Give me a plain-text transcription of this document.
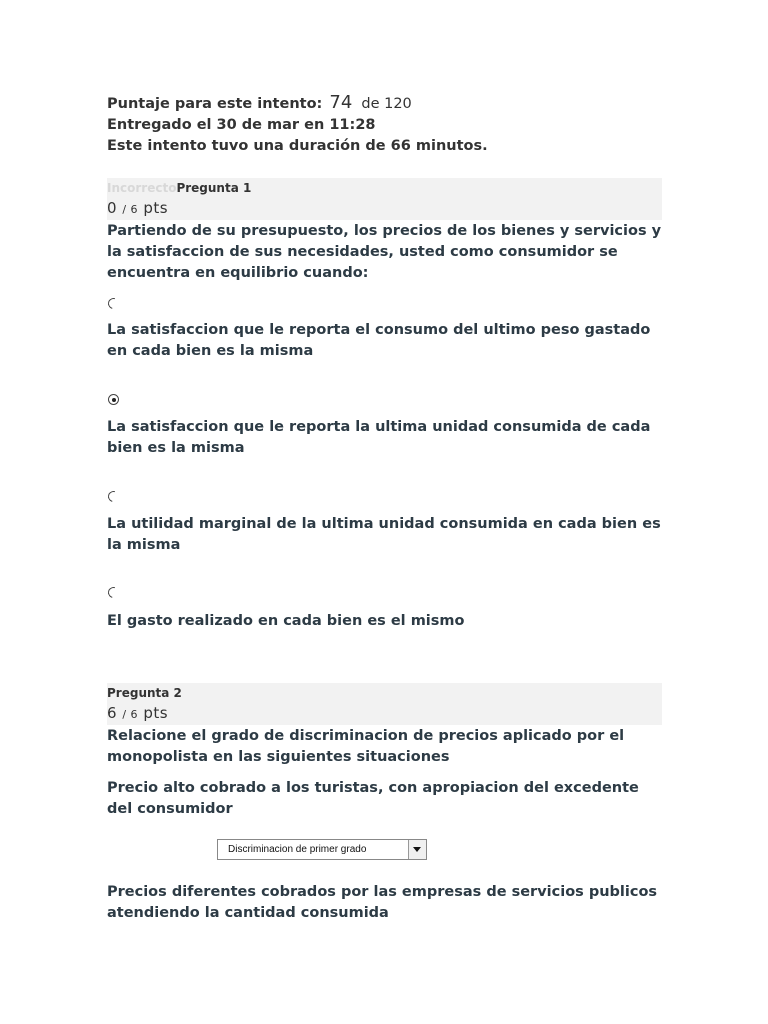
Puntaje para este intento: 74 de 120
Entregado el 30 de mar en 11:28
Este intento tuvo una duración de 66 minutos.
IncorrectoPregunta 1
0 / 6 pts
Partiendo de su presupuesto, los precios de los bienes y servicios y la satisfaccion de sus necesidades, usted como consumidor se encuentra en equilibrio cuando:
La satisfaccion que le reporta el consumo del ultimo peso gastado en cada bien es la misma
La satisfaccion que le reporta la ultima unidad consumida de cada bien es la misma
La utilidad marginal de la ultima unidad consumida en cada bien es la misma
El gasto realizado en cada bien es el mismo
Pregunta 2
6 / 6 pts
Relacione el grado de discriminacion de precios aplicado por el monopolista en las siguientes situaciones
Precio alto cobrado a los turistas, con apropiacion del excedente del consumidor
Discriminacion de primer grado
Precios diferentes cobrados por las empresas de servicios publicos atendiendo la cantidad consumida
